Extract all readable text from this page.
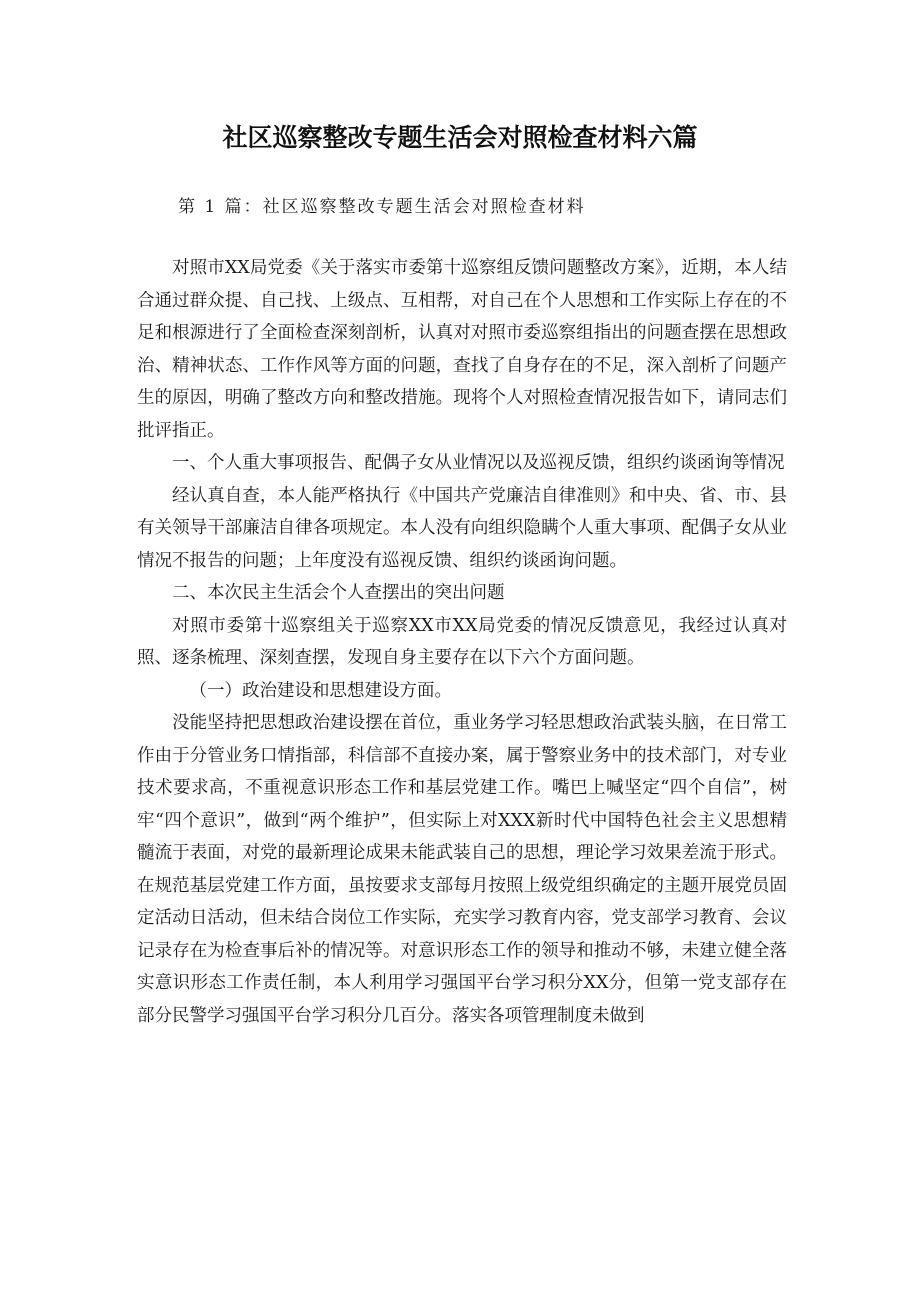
社区巡察整改专题生活会对照检查材料六篇
第 1 篇：社区巡察整改专题生活会对照检查材料

对照市XX局党委《关于落实市委第十巡察组反馈问题整改方案》，近期，本人结合通过群众提、自己找、上级点、互相帮，对自己在个人思想和工作实际上存在的不足和根源进行了全面检查深刻剖析，认真对对照市委巡察组指出的问题查摆在思想政治、精神状态、工作作风等方面的问题，查找了自身存在的不足，深入剖析了问题产生的原因，明确了整改方向和整改措施。现将个人对照检查情况报告如下，请同志们批评指正。

一、个人重大事项报告、配偶子女从业情况以及巡视反馈，组织约谈函询等情况

经认真自查，本人能严格执行《中国共产党廉洁自律准则》和中央、省、市、县有关领导干部廉洁自律各项规定。本人没有向组织隐瞒个人重大事项、配偶子女从业情况不报告的问题；上年度没有巡视反馈、组织约谈函询问题。

二、本次民主生活会个人查摆出的突出问题

对照市委第十巡察组关于巡察XX市XX局党委的情况反馈意见，我经过认真对照、逐条梳理、深刻查摆，发现自身主要存在以下六个方面问题。

（一）政治建设和思想建设方面。

没能坚持把思想政治建设摆在首位，重业务学习轻思想政治武装头脑，在日常工作由于分管业务口情指部，科信部不直接办案，属于警察业务中的技术部门，对专业技术要求高，不重视意识形态工作和基层党建工作。嘴巴上喊坚定“四个自信”，树牢“四个意识”，做到“两个维护”，但实际上对XXX新时代中国特色社会主义思想精髓流于表面，对党的最新理论成果未能武装自己的思想，理论学习效果差流于形式。在规范基层党建工作方面，虽按要求支部每月按照上级党组织确定的主题开展党员固定活动日活动，但未结合岗位工作实际，充实学习教育内容，党支部学习教育、会议记录存在为检查事后补的情况等。对意识形态工作的领导和推动不够，未建立健全落实意识形态工作责任制，本人利用学习强国平台学习积分XX分，但第一党支部存在部分民警学习强国平台学习积分几百分。落实各项管理制度未做到
